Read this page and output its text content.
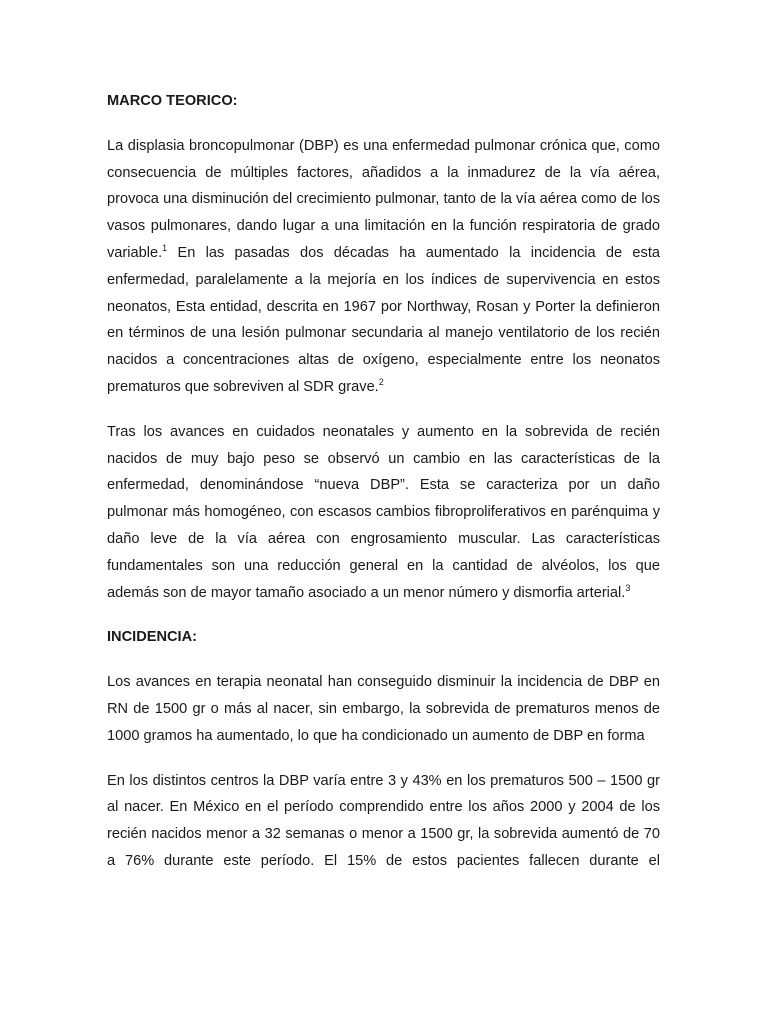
MARCO TEORICO:

La displasia broncopulmonar (DBP) es una enfermedad pulmonar crónica que, como consecuencia de múltiples factores, añadidos a la inmadurez de la vía aérea, provoca una disminución del crecimiento pulmonar, tanto de la vía aérea como de los vasos pulmonares, dando lugar a una limitación en la función respiratoria de grado variable.$^1$ En las pasadas dos décadas ha aumentado la incidencia de esta enfermedad, paralelamente a la mejoría en los índices de supervivencia en estos neonatos, Esta entidad, descrita en 1967 por Northway, Rosan y Porter la definieron en términos de una lesión pulmonar secundaria al manejo ventilatorio de los recién nacidos a concentraciones altas de oxígeno, especialmente entre los neonatos prematuros que sobreviven al SDR grave.$^2$

Tras los avances en cuidados neonatales y aumento en la sobrevida de recién nacidos de muy bajo peso se observó un cambio en las características de la enfermedad, denominándose “nueva DBP”. Esta se caracteriza por un daño pulmonar más homogéneo, con escasos cambios fibroproliferativos en parénquima y daño leve de la vía aérea con engrosamiento muscular. Las características fundamentales son una reducción general en la cantidad de alvéolos, los que además son de mayor tamaño asociado a un menor número y dismorfia arterial.$^3$

INCIDENCIA:

Los avances en terapia neonatal han conseguido disminuir la incidencia de DBP en RN de 1500 gr o más al nacer, sin embargo, la sobrevida de prematuros menos de 1000 gramos ha aumentado, lo que ha condicionado un aumento de DBP en forma

En los distintos centros la DBP varía entre 3 y 43% en los prematuros 500 – 1500 gr al nacer. En México en el período comprendido entre los años 2000 y 2004 de los recién nacidos menor a 32 semanas o menor a 1500 gr, la sobrevida aumentó de 70 a 76% durante este período. El 15% de estos pacientes fallecen durante el
